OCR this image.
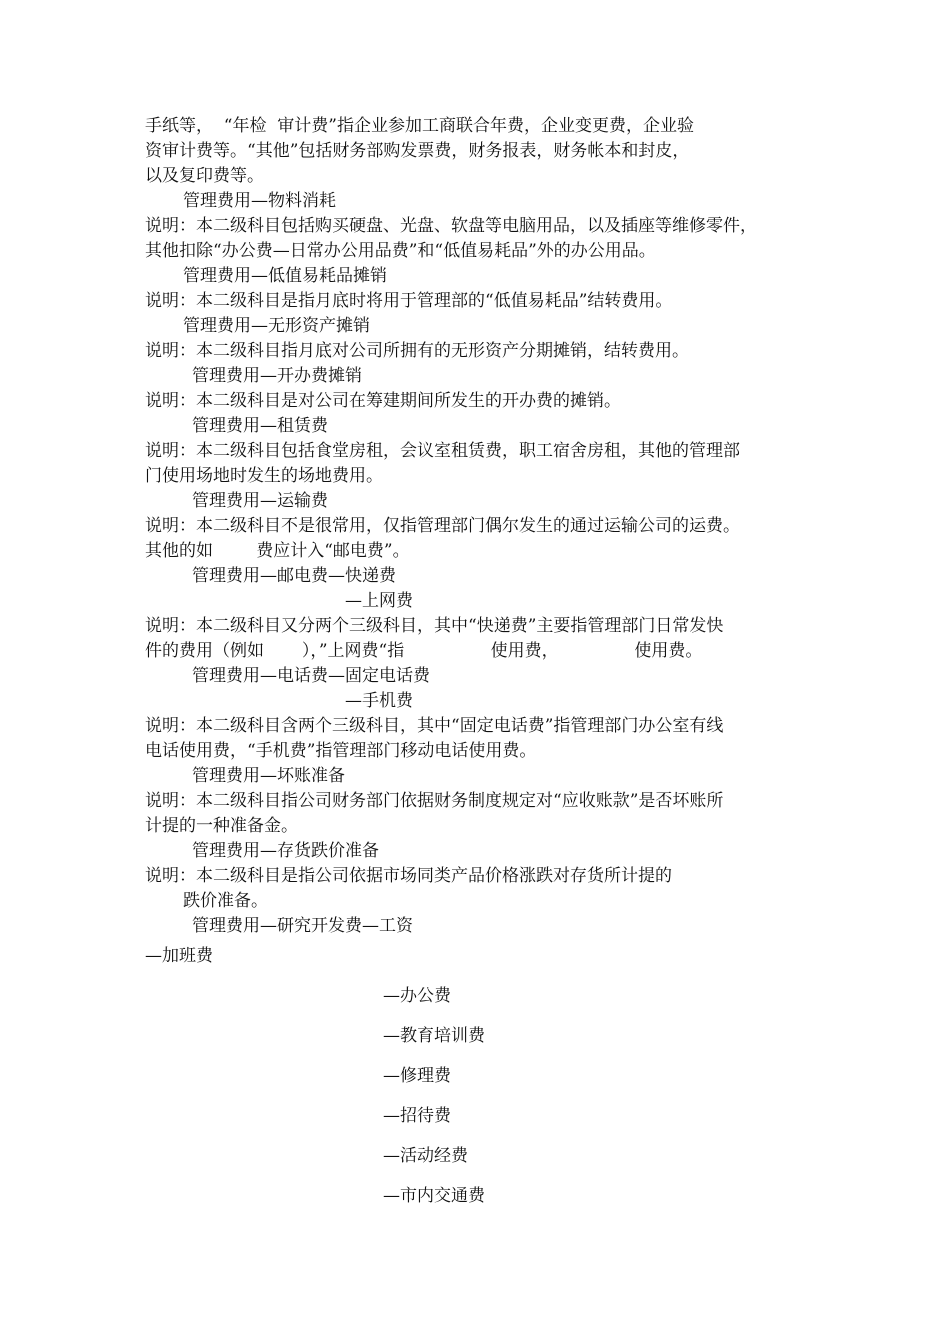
手纸等，  “年检  审计费”指企业参加工商联合年费，企业变更费，企业验
资审计费等。“其他”包括财务部购发票费，财务报表，财务帐本和封皮，
以及复印费等。
管理费用—物料消耗
说明：本二级科目包括购买硬盘、光盘、软盘等电脑用品，以及插座等维修零件，
其他扣除“办公费—日常办公用品费”和“低值易耗品”外的办公用品。
管理费用—低值易耗品摊销
说明：本二级科目是指月底时将用于管理部的“低值易耗品”结转费用。
管理费用—无形资产摊销
说明：本二级科目指月底对公司所拥有的无形资产分期摊销，结转费用。
管理费用—开办费摊销
说明：本二级科目是对公司在筹建期间所发生的开办费的摊销。
管理费用—租赁费
说明：本二级科目包括食堂房租，会议室租赁费，职工宿舍房租，其他的管理部
门使用场地时发生的场地费用。
管理费用—运输费
说明：本二级科目不是很常用，仅指管理部门偶尔发生的通过运输公司的运费。
其他的如        费应计入“邮电费”。
管理费用—邮电费—快递费
—上网费
说明：本二级科目又分两个三级科目，其中“快递费”主要指管理部门日常发快
件的费用（例如       ），”上网费“指                使用费，              使用费。
管理费用—电话费—固定电话费
—手机费
说明：本二级科目含两个三级科目，其中“固定电话费”指管理部门办公室有线
电话使用费，“手机费”指管理部门移动电话使用费。
管理费用—坏账准备
说明：本二级科目指公司财务部门依据财务制度规定对“应收账款”是否坏账所
计提的一种准备金。
管理费用—存货跌价准备
说明：本二级科目是指公司依据市场同类产品价格涨跌对存货所计提的
跌价准备。
管理费用—研究开发费—工资
—加班费
—办公费
—教育培训费
—修理费
—招待费
—活动经费
—市内交通费
